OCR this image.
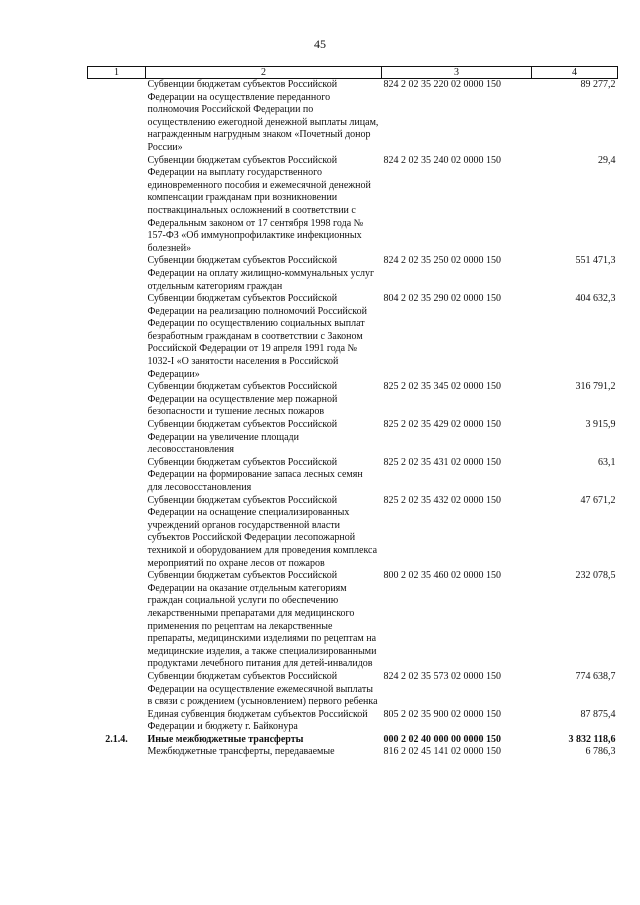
45
1	2	3	4
	Субвенции бюджетам субъектов Российской Федерации на осуществление переданного полномочия Российской Федерации по осуществлению ежегодной денежной выплаты лицам, награжденным нагрудным знаком «Почетный донор России»	824 2 02 35 220 02 0000 150	89 277,2
	Субвенции бюджетам субъектов Российской Федерации на выплату государственного единовременного пособия и ежемесячной денежной компенсации гражданам при возникновении поствакцинальных осложнений в соответствии с Федеральным законом от 17 сентября 1998 года № 157-ФЗ «Об иммунопрофилактике инфекционных болезней»	824 2 02 35 240 02 0000 150	29,4
	Субвенции бюджетам субъектов Российской Федерации на оплату жилищно-коммунальных услуг отдельным категориям граждан	824 2 02 35 250 02 0000 150	551 471,3
	Субвенции бюджетам субъектов Российской Федерации на реализацию полномочий Российской Федерации по осуществлению социальных выплат безработным гражданам в соответствии с Законом Российской Федерации от 19 апреля 1991 года № 1032-I «О занятости населения в Российской Федерации»	804 2 02 35 290 02 0000 150	404 632,3
	Субвенции бюджетам субъектов Российской Федерации на осуществление мер пожарной безопасности и тушение лесных пожаров	825 2 02 35 345 02 0000 150	316 791,2
	Субвенции бюджетам субъектов Российской Федерации на увеличение площади лесовосстановления	825 2 02 35 429 02 0000 150	3 915,9
	Субвенции бюджетам субъектов Российской Федерации на формирование запаса лесных семян для лесовосстановления	825 2 02 35 431 02 0000 150	63,1
	Субвенции бюджетам субъектов Российской Федерации на оснащение специализированных учреждений органов государственной власти субъектов Российской Федерации лесопожарной техникой и оборудованием для проведения комплекса мероприятий по охране лесов от пожаров	825 2 02 35 432 02 0000 150	47 671,2
	Субвенции бюджетам субъектов Российской Федерации на оказание отдельным категориям граждан социальной услуги по обеспечению лекарственными препаратами для медицинского применения по рецептам на лекарственные препараты, медицинскими изделиями по рецептам на медицинские изделия, а также специализированными продуктами лечебного питания для детей-инвалидов	800 2 02 35 460 02 0000 150	232 078,5
	Субвенции бюджетам субъектов Российской Федерации на осуществление ежемесячной выплаты в связи с рождением (усыновлением) первого ребенка	824 2 02 35 573 02 0000 150	774 638,7
	Единая субвенция бюджетам субъектов Российской Федерации и бюджету г. Байконура	805 2 02 35 900 02 0000 150	87 875,4
2.1.4.	Иные межбюджетные трансферты	000 2 02 40 000 00 0000 150	3 832 118,6
	Межбюджетные трансферты, передаваемые	816 2 02 45 141 02 0000 150	6 786,3
